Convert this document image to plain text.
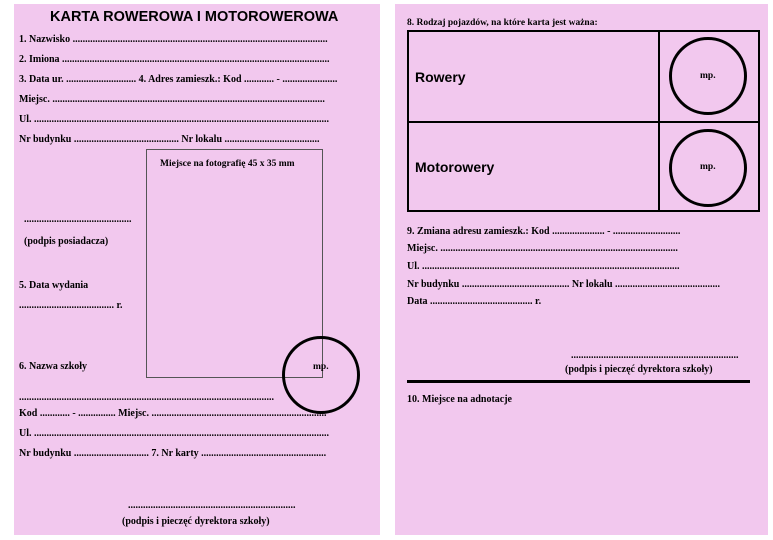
KARTA ROWEROWA I MOTOROWEROWA
1. Nazwisko ......................................................................................................
2. Imiona ...........................................................................................................
3. Data ur. ............................ 4. Adres zamieszk.: Kod ............ - ......................
Miejsc. .............................................................................................................
Ul. ......................................................................................................................
Nr budynku .......................................... Nr lokalu ......................................
Miejsce na fotografię 45 x 35 mm
...........................................
(podpis posiadacza)
5. Data wydania
...................................... r.
6. Nazwa szkoły	mp.
......................................................................................................
Kod ............ - ............... Miejsc. ......................................................................
Ul. ......................................................................................................................
Nr budynku .............................. 7. Nr karty ..................................................
...................................................................
(podpis i pieczęć dyrektora szkoły)
8. Rodzaj pojazdów, na które karta jest ważna:
Rowery
Motorowery
mp.
mp.
9. Zmiana adresu zamieszk.: Kod ..................... - ...........................
Miejsc. ...............................................................................................
Ul. .......................................................................................................
Nr budynku ........................................... Nr lokalu ..........................................
Data ......................................... r.
...................................................................
(podpis i pieczęć dyrektora szkoły)
10. Miejsce na adnotacje
